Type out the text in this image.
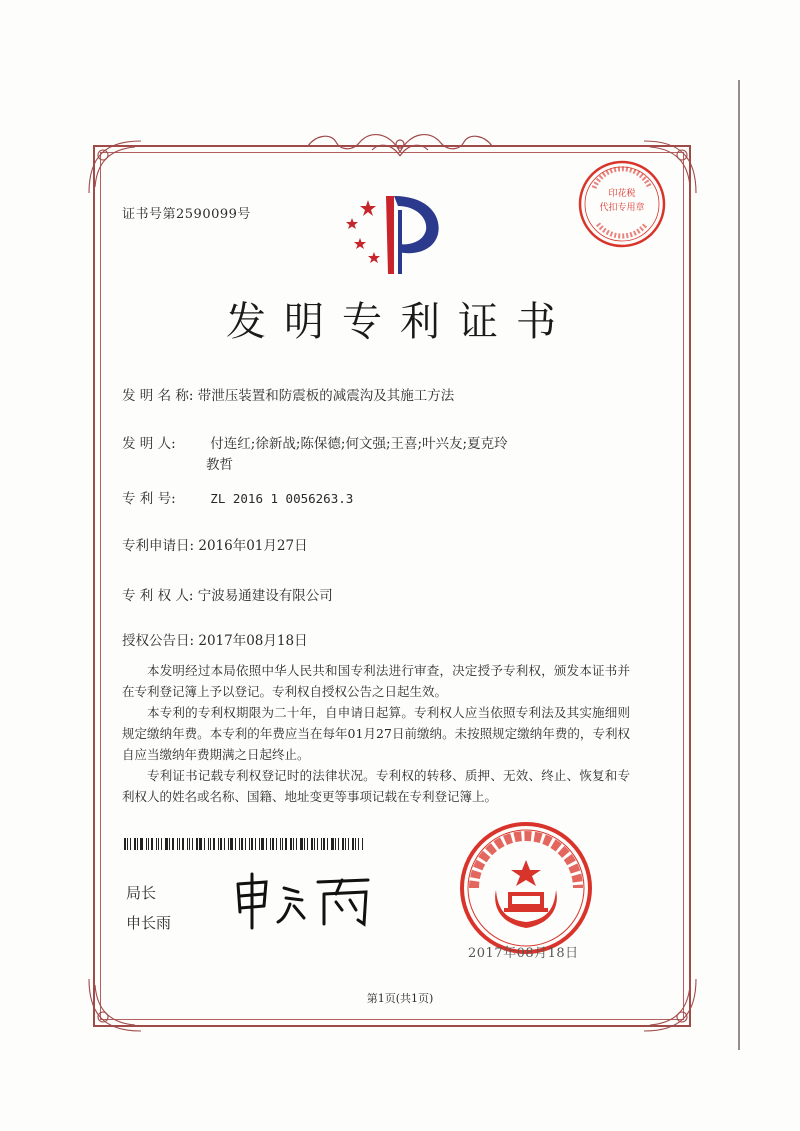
证书号第2590099号
印花税
代扣专用章
发明专利证书
发 明 名 称: 带泄压装置和防震板的减震沟及其施工方法
发 明 人:	付连红;徐新战;陈保德;何文强;王喜;叶兴友;夏克玲
教哲
专 利 号:	ZL 2016 1 0056263.3
专利申请日: 2016年01月27日
专 利 权 人: 宁波易通建设有限公司
授权公告日: 2017年08月18日
本发明经过本局依照中华人民共和国专利法进行审查，决定授予专利权，颁发本证书并在专利登记簿上予以登记。专利权自授权公告之日起生效。
本专利的专利权期限为二十年，自申请日起算。专利权人应当依照专利法及其实施细则规定缴纳年费。本专利的年费应当在每年01月27日前缴纳。未按照规定缴纳年费的，专利权自应当缴纳年费期满之日起终止。
专利证书记载专利权登记时的法律状况。专利权的转移、质押、无效、终止、恢复和专利权人的姓名或名称、国籍、地址变更等事项记载在专利登记簿上。
局长
申长雨
2017年08月18日
第1页(共1页)
